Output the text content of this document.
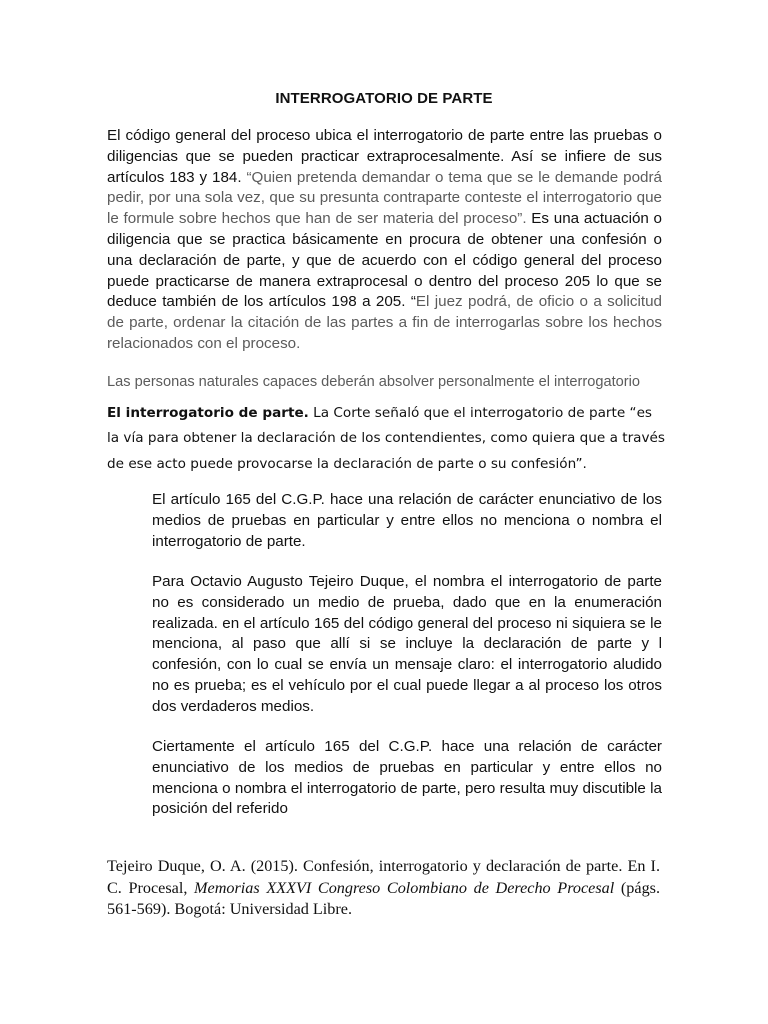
INTERROGATORIO DE PARTE
El código general del proceso ubica el interrogatorio de parte entre las pruebas o diligencias que se pueden practicar extraprocesalmente. Así se infiere de sus artículos 183 y 184. “Quien pretenda demandar o tema que se le demande podrá pedir, por una sola vez, que su presunta contraparte conteste el interrogatorio que le formule sobre hechos que han de ser materia del proceso”. Es una actuación o diligencia que se practica básicamente en procura de obtener una confesión o una declaración de parte, y que de acuerdo con el código general del proceso puede practicarse de manera extraprocesal o dentro del proceso 205 lo que se deduce también de los artículos 198 a 205. “El juez podrá, de oficio o a solicitud de parte, ordenar la citación de las partes a fin de interrogarlas sobre los hechos relacionados con el proceso.
Las personas naturales capaces deberán absolver personalmente el interrogatorio
El interrogatorio de parte. La Corte señaló que el interrogatorio de parte “es la vía para obtener la declaración de los contendientes, como quiera que a través de ese acto puede provocarse la declaración de parte o su confesión”.
El artículo 165 del C.G.P. hace una relación de carácter enunciativo de los medios de pruebas en particular y entre ellos no menciona o nombra el interrogatorio de parte.
Para Octavio Augusto Tejeiro Duque, el nombra el interrogatorio de parte no es considerado un medio de prueba, dado que en la enumeración realizada. en el artículo 165 del código general del proceso ni siquiera se le menciona, al paso que allí si se incluye la declaración de parte y l confesión, con lo cual se envía un mensaje claro: el interrogatorio aludido no es prueba; es el vehículo por el cual puede llegar a al proceso los otros dos verdaderos medios.
Ciertamente el artículo 165 del C.G.P. hace una relación de carácter enunciativo de los medios de pruebas en particular y entre ellos no menciona o nombra el interrogatorio de parte, pero resulta muy discutible la posición del referido
Tejeiro Duque, O. A. (2015). Confesión, interrogatorio y declaración de parte. En I. C. Procesal, Memorias XXXVI Congreso Colombiano de Derecho Procesal (págs. 561-569). Bogotá: Universidad Libre.
